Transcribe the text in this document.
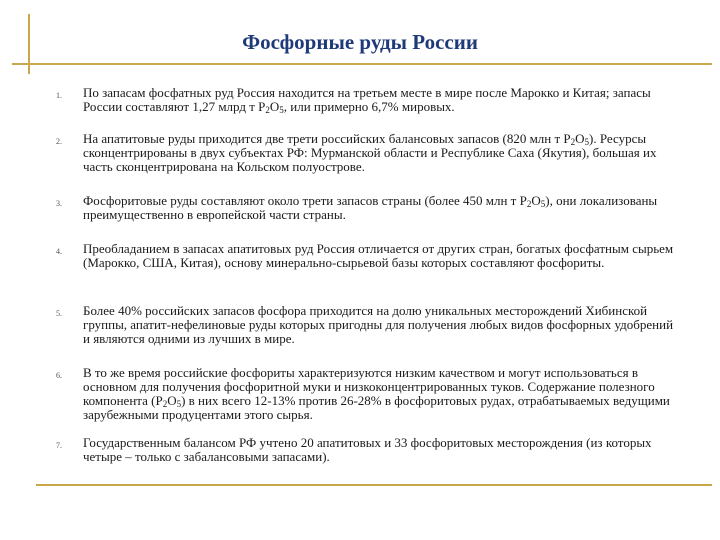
Фосфорные руды России
1. По запасам фосфатных руд Россия находится на третьем месте в мире после Марокко и Китая; запасы России составляют 1,27 млрд т $P_2O_5$, или примерно 6,7% мировых.
2. На апатитовые руды приходится две трети российских балансовых запасов (820 млн т $P_2O_5$). Ресурсы сконцентрированы в двух субъектах РФ: Мурманской области и Республике Саха (Якутия), большая их часть сконцентрирована на Кольском полуострове.
3. Фосфоритовые руды составляют около трети запасов страны (более 450 млн т $P_2O_5$), они локализованы преимущественно в европейской части страны.
4. Преобладанием в запасах апатитовых руд Россия отличается от других стран, богатых фосфатным сырьем (Марокко, США, Китая), основу минерально-сырьевой базы которых составляют фосфориты.
5. Более 40% российских запасов фосфора приходится на долю уникальных месторождений Хибинской группы, апатит-нефелиновые руды которых пригодны для получения любых видов фосфорных удобрений и являются одними из лучших в мире.
6. В то же время российские фосфориты характеризуются низким качеством и могут использоваться в основном для получения фосфоритной муки и низкоконцентрированных туков. Содержание полезного компонента $(P_2O_5)$ в них всего 12-13% против 26-28% в фосфоритовых рудах, отрабатываемых ведущими зарубежными продуцентами этого сырья.
7. Государственным балансом РФ учтено 20 апатитовых и 33 фосфоритовых месторождения (из которых четыре – только с забалансовыми запасами).
